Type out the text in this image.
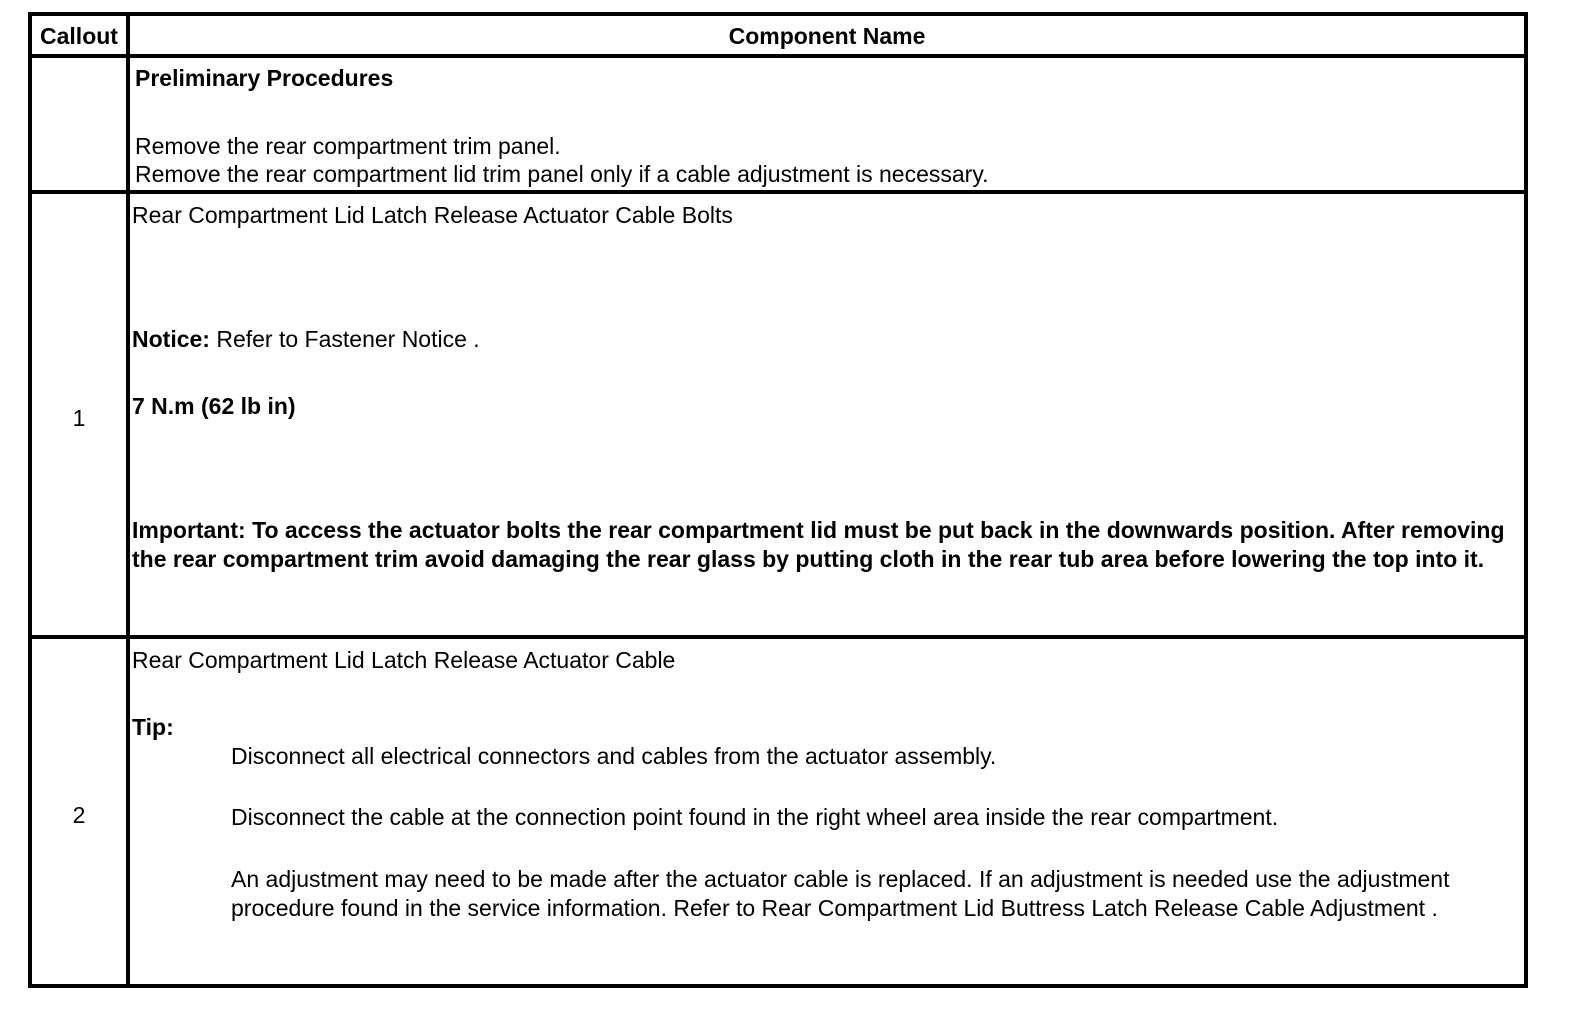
Callout	Component Name
Preliminary Procedures
Remove the rear compartment trim panel.
Remove the rear compartment lid trim panel only if a cable adjustment is necessary.
1
Rear Compartment Lid Latch Release Actuator Cable Bolts
Notice: Refer to Fastener Notice .
7 N.m (62 lb in)
Important: To access the actuator bolts the rear compartment lid must be put back in the downwards position. After removing the rear compartment trim avoid damaging the rear glass by putting cloth in the rear tub area before lowering the top into it.
2
Rear Compartment Lid Latch Release Actuator Cable
Tip:
Disconnect all electrical connectors and cables from the actuator assembly.
Disconnect the cable at the connection point found in the right wheel area inside the rear compartment.
An adjustment may need to be made after the actuator cable is replaced. If an adjustment is needed use the adjustment procedure found in the service information. Refer to Rear Compartment Lid Buttress Latch Release Cable Adjustment .
